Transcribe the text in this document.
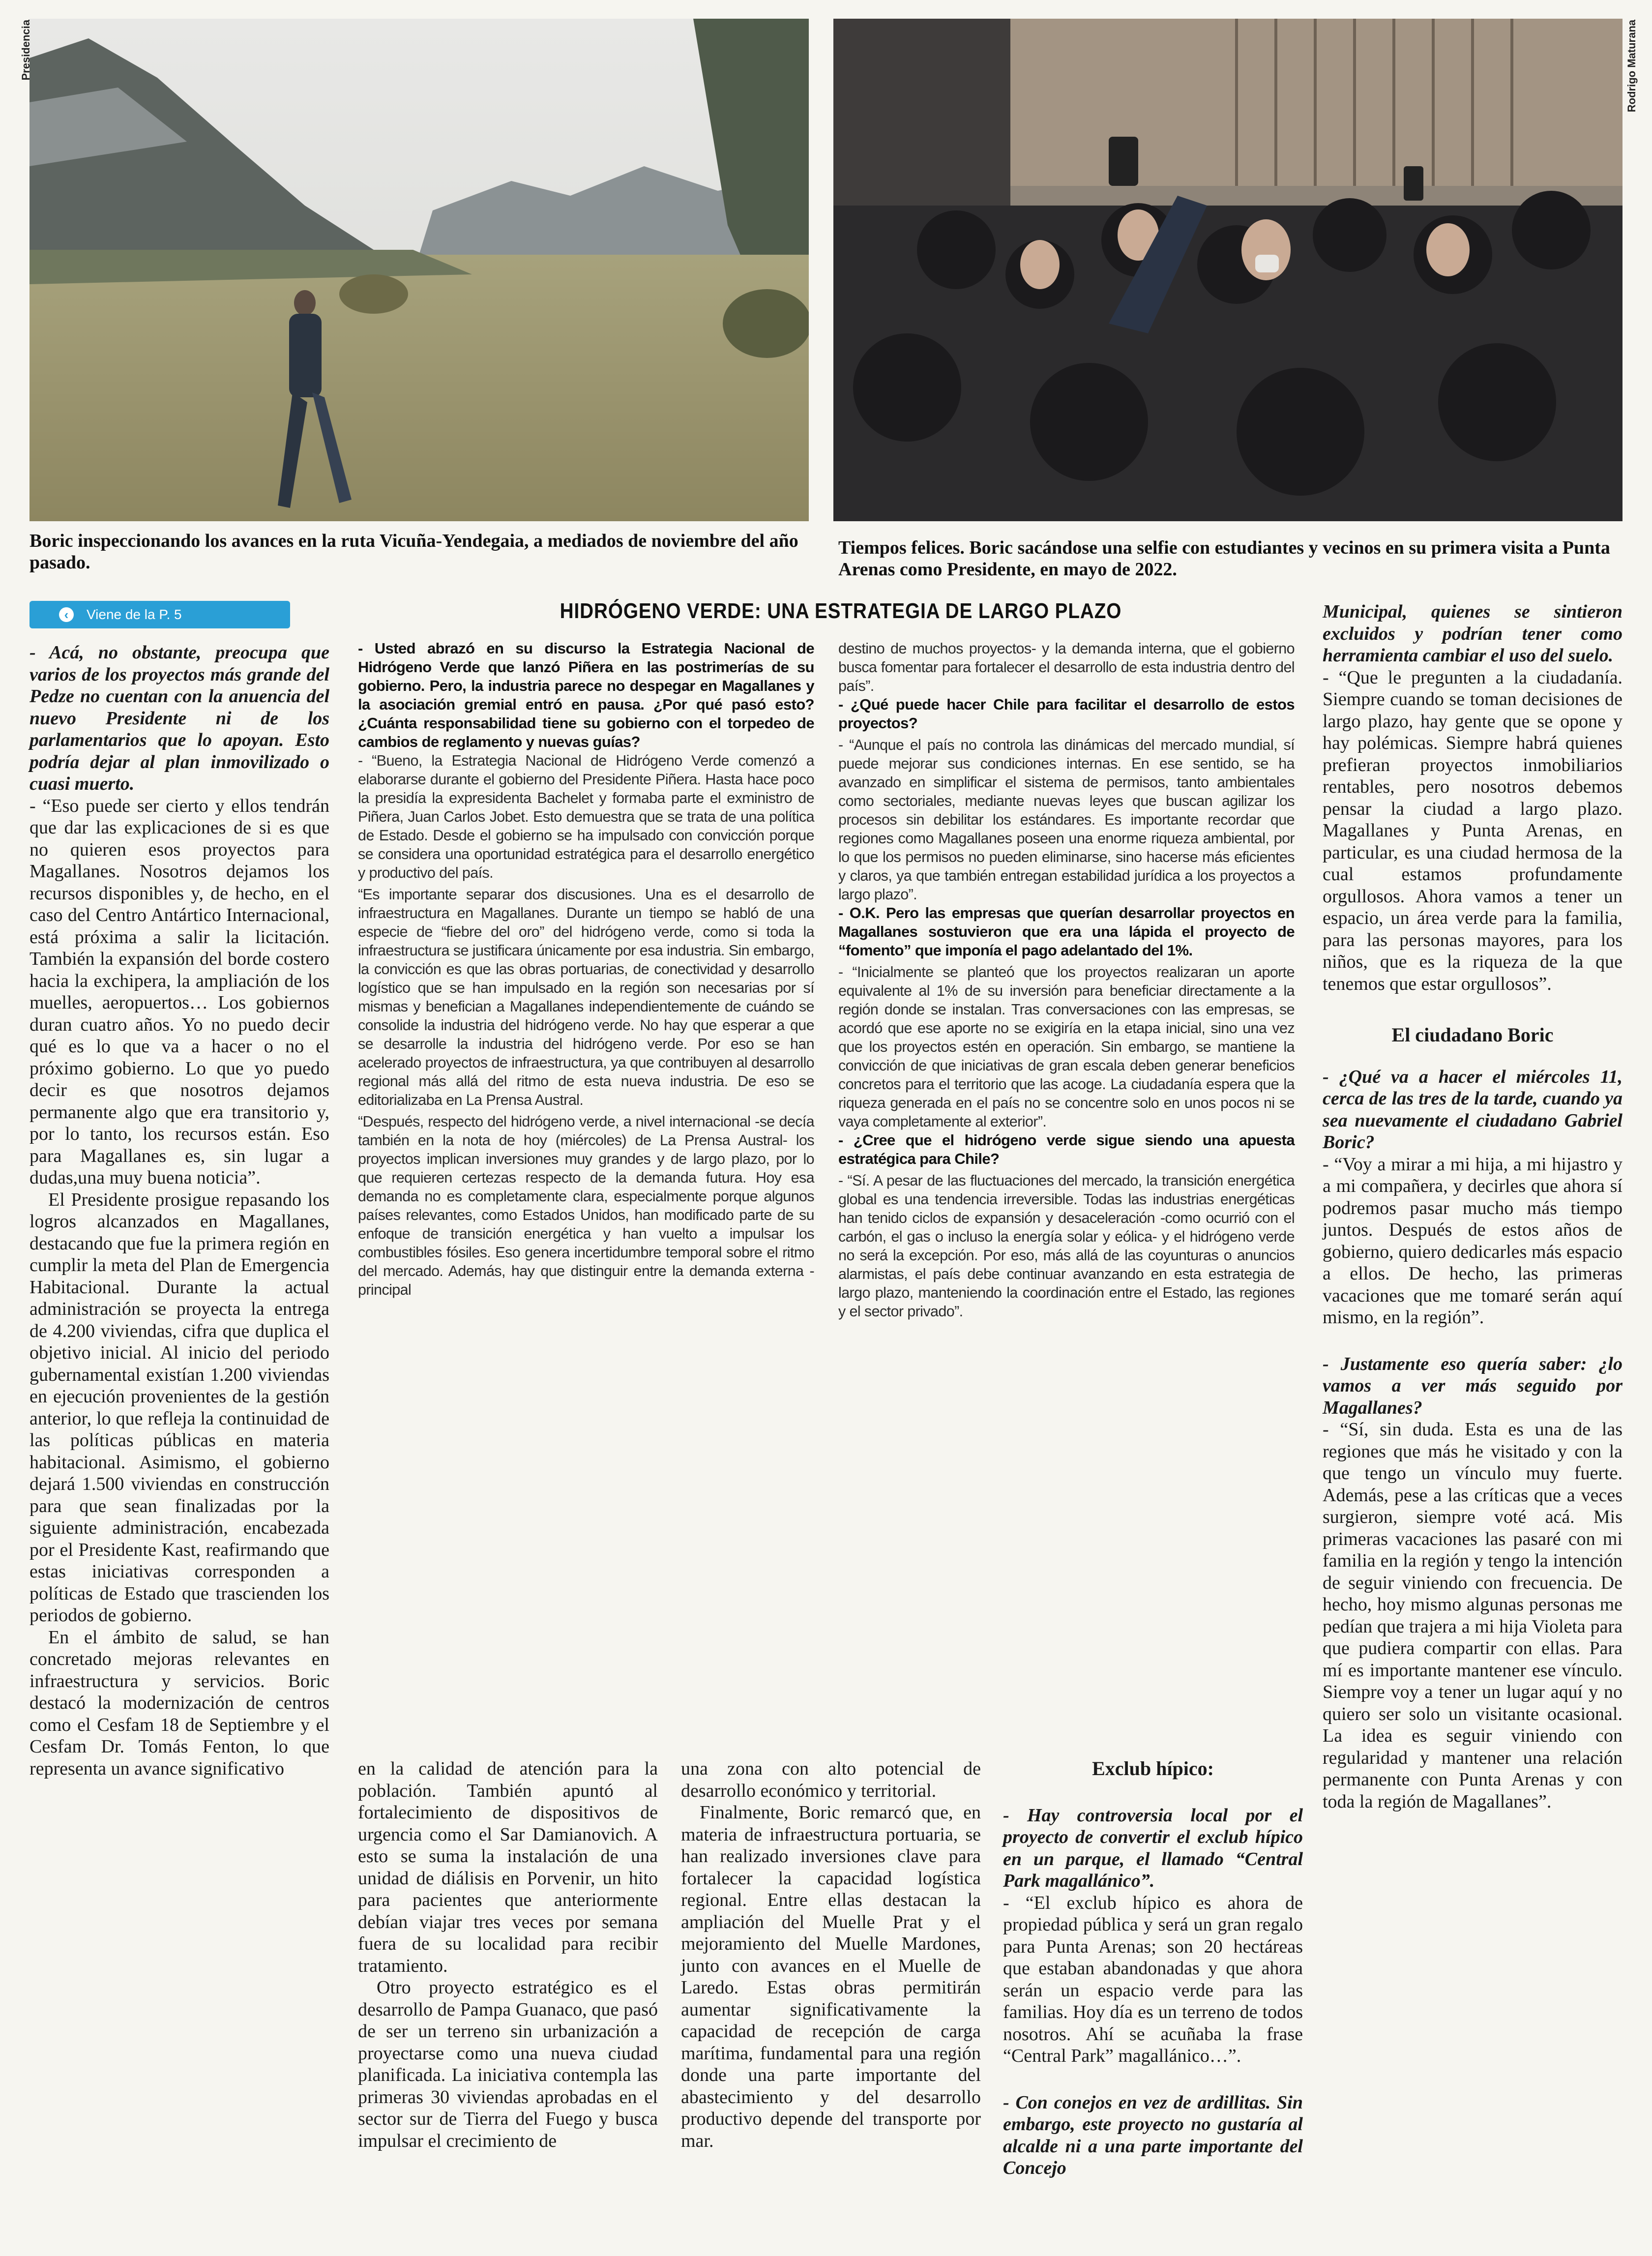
Presidencia
Boric inspeccionando los avances en la ruta Vicuña-Yendegaia, a mediados de noviembre del año pasado.
Rodrigo Maturana
Tiempos felices. Boric sacándose una selfie con estudiantes y vecinos en su primera visita a Punta Arenas como Presidente, en mayo de 2022.
‹	Viene de la P. 5	HIDRÓGENO VERDE: UNA ESTRATEGIA DE LARGO PLAZO

- Acá, no obstante, preocupa que varios de los proyectos más grande del Pedze no cuentan con la anuencia del nuevo Presidente ni de los parlamentarios que lo apoyan. Esto podría dejar al plan inmovilizado o cuasi muerto.

- “Eso puede ser cierto y ellos tendrán que dar las explicaciones de si es que no quieren esos proyectos para Magallanes. Nosotros dejamos los recursos disponibles y, de hecho, en el caso del Centro Antártico Internacional, está próxima a salir la licitación. También la expansión del borde costero hacia la exchipera, la ampliación de los muelles, aeropuertos… Los gobiernos duran cuatro años. Yo no puedo decir qué es lo que va a hacer o no el próximo gobierno. Lo que yo puedo decir es que nosotros dejamos permanente algo que era transitorio y, por lo tanto, los recursos están. Eso para Magallanes es, sin lugar a dudas,una muy buena noticia”.

El Presidente prosigue repasando los logros alcanzados en Magallanes, destacando que fue la primera región en cumplir la meta del Plan de Emergencia Habitacional. Durante la actual administración se proyecta la entrega de 4.200 viviendas, cifra que duplica el objetivo inicial. Al inicio del periodo gubernamental existían 1.200 viviendas en ejecución provenientes de la gestión anterior, lo que refleja la continuidad de las políticas públicas en materia habitacional. Asimismo, el gobierno dejará 1.500 viviendas en construcción para que sean finalizadas por la siguiente administración, encabezada por el Presidente Kast, reafirmando que estas iniciativas corresponden a políticas de Estado que trascienden los periodos de gobierno.

En el ámbito de salud, se han concretado mejoras relevantes en infraestructura y servicios. Boric destacó la modernización de centros como el Cesfam 18 de Septiembre y el Cesfam Dr. Tomás Fenton, lo que representa un avance significativo

- Usted abrazó en su discurso la Estrategia Nacional de Hidrógeno Verde que lanzó Piñera en las postrimerías de su gobierno. Pero, la industria parece no despegar en Magallanes y la asociación gremial entró en pausa. ¿Por qué pasó esto? ¿Cuánta responsabilidad tiene su gobierno con el torpedeo de cambios de reglamento y nuevas guías?

- “Bueno, la Estrategia Nacional de Hidrógeno Verde comenzó a elaborarse durante el gobierno del Presidente Piñera. Hasta hace poco la presidía la expresidenta Bachelet y formaba parte el exministro de Piñera, Juan Carlos Jobet. Esto demuestra que se trata de una política de Estado. Desde el gobierno se ha impulsado con convicción porque se considera una oportunidad estratégica para el desarrollo energético y productivo del país.

“Es importante separar dos discusiones. Una es el desarrollo de infraestructura en Magallanes. Durante un tiempo se habló de una especie de “fiebre del oro” del hidrógeno verde, como si toda la infraestructura se justificara únicamente por esa industria. Sin embargo, la convicción es que las obras portuarias, de conectividad y desarrollo logístico que se han impulsado en la región son necesarias por sí mismas y benefician a Magallanes independientemente de cuándo se consolide la industria del hidrógeno verde. No hay que esperar a que se desarrolle la industria del hidrógeno verde. Por eso se han acelerado proyectos de infraestructura, ya que contribuyen al desarrollo regional más allá del ritmo de esta nueva industria. De eso se editorializaba en La Prensa Austral.

“Después, respecto del hidrógeno verde, a nivel internacional -se decía también en la nota de hoy (miércoles) de La Prensa Austral- los proyectos implican inversiones muy grandes y de largo plazo, por lo que requieren certezas respecto de la demanda futura. Hoy esa demanda no es completamente clara, especialmente porque algunos países relevantes, como Estados Unidos, han modificado parte de su enfoque de transición energética y han vuelto a impulsar los combustibles fósiles. Eso genera incertidumbre temporal sobre el ritmo del mercado. Además, hay que distinguir entre la demanda externa -principal

destino de muchos proyectos- y la demanda interna, que el gobierno busca fomentar para fortalecer el desarrollo de esta industria dentro del país”.

- ¿Qué puede hacer Chile para facilitar el desarrollo de estos proyectos?

- “Aunque el país no controla las dinámicas del mercado mundial, sí puede mejorar sus condiciones internas. En ese sentido, se ha avanzado en simplificar el sistema de permisos, tanto ambientales como sectoriales, mediante nuevas leyes que buscan agilizar los procesos sin debilitar los estándares. Es importante recordar que regiones como Magallanes poseen una enorme riqueza ambiental, por lo que los permisos no pueden eliminarse, sino hacerse más eficientes y claros, ya que también entregan estabilidad jurídica a los proyectos a largo plazo”.

- O.K. Pero las empresas que querían desarrollar proyectos en Magallanes sostuvieron que era una lápida el proyecto de “fomento” que imponía el pago adelantado del 1%.

- “Inicialmente se planteó que los proyectos realizaran un aporte equivalente al 1% de su inversión para beneficiar directamente a la región donde se instalan. Tras conversaciones con las empresas, se acordó que ese aporte no se exigiría en la etapa inicial, sino una vez que los proyectos estén en operación. Sin embargo, se mantiene la convicción de que iniciativas de gran escala deben generar beneficios concretos para el territorio que las acoge. La ciudadanía espera que la riqueza generada en el país no se concentre solo en unos pocos ni se vaya completamente al exterior”.

- ¿Cree que el hidrógeno verde sigue siendo una apuesta estratégica para Chile?

- “Sí. A pesar de las fluctuaciones del mercado, la transición energética global es una tendencia irreversible. Todas las industrias energéticas han tenido ciclos de expansión y desaceleración -como ocurrió con el carbón, el gas o incluso la energía solar y eólica- y el hidrógeno verde no será la excepción. Por eso, más allá de las coyunturas o anuncios alarmistas, el país debe continuar avanzando en esta estrategia de largo plazo, manteniendo la coordinación entre el Estado, las regiones y el sector privado”.

en la calidad de atención para la población. También apuntó al fortalecimiento de dispositivos de urgencia como el Sar Damianovich. A esto se suma la instalación de una unidad de diálisis en Porvenir, un hito para pacientes que anteriormente debían viajar tres veces por semana fuera de su localidad para recibir tratamiento.

Otro proyecto estratégico es el desarrollo de Pampa Guanaco, que pasó de ser un terreno sin urbanización a proyectarse como una nueva ciudad planificada. La iniciativa contempla las primeras 30 viviendas aprobadas en el sector sur de Tierra del Fuego y busca impulsar el crecimiento de

una zona con alto potencial de desarrollo económico y territorial.

Finalmente, Boric remarcó que, en materia de infraestructura portuaria, se han realizado inversiones clave para fortalecer la capacidad logística regional. Entre ellas destacan la ampliación del Muelle Prat y el mejoramiento del Muelle Mardones, junto con avances en el Muelle de Laredo. Estas obras permitirán aumentar significativamente la capacidad de recepción de carga marítima, fundamental para una región donde una parte importante del abastecimiento y del desarrollo productivo depende del transporte por mar.

Exclub hípico:

- Hay controversia local por el proyecto de convertir el exclub hípico en un parque, el llamado “Central Park magallánico”.

- “El exclub hípico es ahora de propiedad pública y será un gran regalo para Punta Arenas; son 20 hectáreas que estaban abandonadas y que ahora serán un espacio verde para las familias. Hoy día es un terreno de todos nosotros. Ahí se acuñaba la frase “Central Park” magallánico…”.

- Con conejos en vez de ardillitas. Sin embargo, este proyecto no gustaría al alcalde ni a una parte importante del Concejo

Municipal, quienes se sintieron excluidos y podrían tener como herramienta cambiar el uso del suelo.

- “Que le pregunten a la ciudadanía. Siempre cuando se toman decisiones de largo plazo, hay gente que se opone y hay polémicas. Siempre habrá quienes prefieran proyectos inmobiliarios rentables, pero nosotros debemos pensar la ciudad a largo plazo. Magallanes y Punta Arenas, en particular, es una ciudad hermosa de la cual estamos profundamente orgullosos. Ahora vamos a tener un espacio, un área verde para la familia, para las personas mayores, para los niños, que es la riqueza de la que tenemos que estar orgullosos”.

El ciudadano Boric

- ¿Qué va a hacer el miércoles 11, cerca de las tres de la tarde, cuando ya sea nuevamente el ciudadano Gabriel Boric?

- “Voy a mirar a mi hija, a mi hijastro y a mi compañera, y decirles que ahora sí podremos pasar mucho más tiempo juntos. Después de estos años de gobierno, quiero dedicarles más espacio a ellos. De hecho, las primeras vacaciones que me tomaré serán aquí mismo, en la región”.

- Justamente eso quería saber: ¿lo vamos a ver más seguido por Magallanes?

- “Sí, sin duda. Esta es una de las regiones que más he visitado y con la que tengo un vínculo muy fuerte. Además, pese a las críticas que a veces surgieron, siempre voté acá. Mis primeras vacaciones las pasaré con mi familia en la región y tengo la intención de seguir viniendo con frecuencia. De hecho, hoy mismo algunas personas me pedían que trajera a mi hija Violeta para que pudiera compartir con ellas. Para mí es importante mantener ese vínculo. Siempre voy a tener un lugar aquí y no quiero ser solo un visitante ocasional. La idea es seguir viniendo con regularidad y mantener una relación permanente con Punta Arenas y con toda la región de Magallanes”.
